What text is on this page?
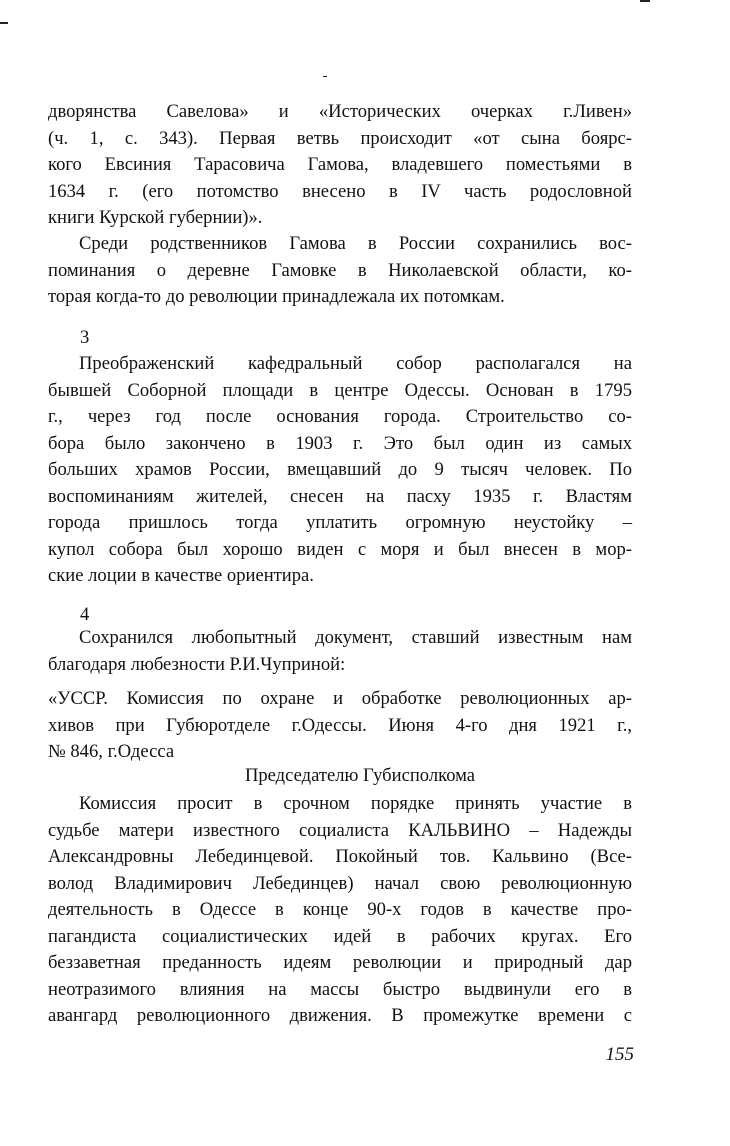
дворянства Савелова» и «Исторических очерках г.Ливен»
(ч. 1, с. 343). Первая ветвь происходит «от сына боярс-
кого Евсиния Тарасовича Гамова, владевшего поместьями в
1634 г. (его потомство внесено в IV часть родословной
книги Курской губернии)».
Среди родственников Гамова в России сохранились вос-
поминания о деревне Гамовке в Николаевской области, ко-
торая когда-то до революции принадлежала их потомкам.
3
Преображенский кафедральный собор располагался на
бывшей Соборной площади в центре Одессы. Основан в 1795
г., через год после основания города. Строительство со-
бора было закончено в 1903 г. Это был один из самых
больших храмов России, вмещавший до 9 тысяч человек. По
воспоминаниям жителей, снесен на пасху 1935 г. Властям
города пришлось тогда уплатить огромную неустойку –
купол собора был хорошо виден с моря и был внесен в мор-
ские лоции в качестве ориентира.
4
Сохранился любопытный документ, ставший известным нам
благодаря любезности Р.И.Чуприной:
«УССР. Комиссия по охране и обработке революционных ар-
хивов при Губюротделе г.Одессы. Июня 4-го дня 1921 г.,
№ 846, г.Одесса
Председателю Губисполкома
Комиссия просит в срочном порядке принять участие в
судьбе матери известного социалиста КАЛЬВИНО – Надежды
Александровны Лебединцевой. Покойный тов. Кальвино (Все-
волод Владимирович Лебединцев) начал свою революционную
деятельность в Одессе в конце 90-х годов в качестве про-
пагандиста социалистических идей в рабочих кругах. Его
беззаветная преданность идеям революции и природный дар
неотразимого влияния на массы быстро выдвинули его в
авангард революционного движения. В промежутке времени с
155
